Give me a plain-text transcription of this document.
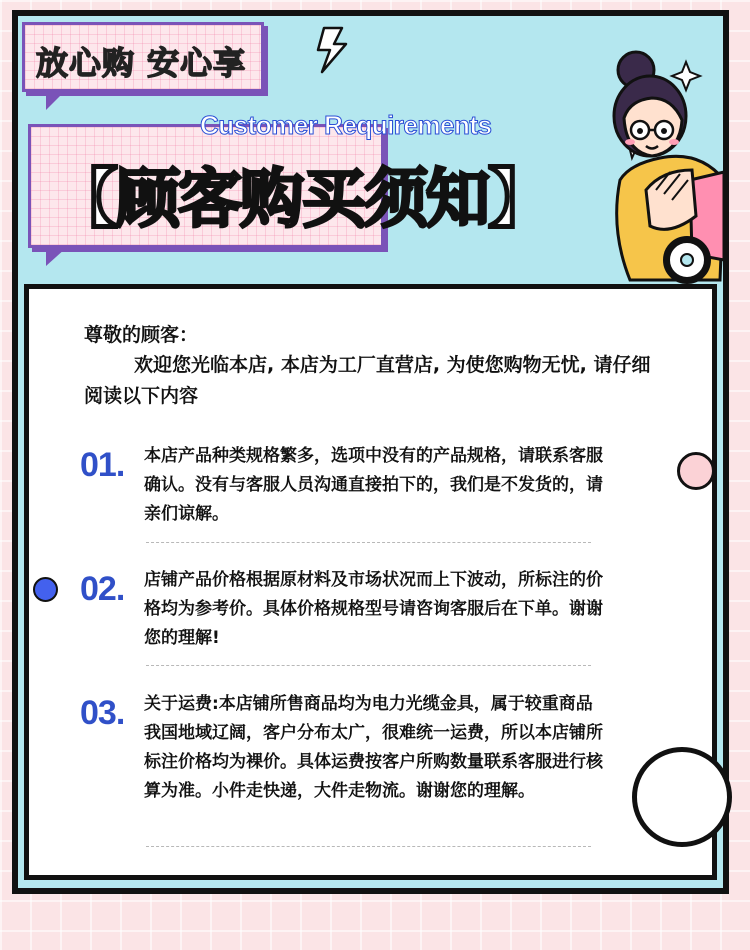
放心购 安心享
Customer Requirements
【顾客购买须知】
尊敬的顾客：

欢迎您光临本店, 本店为工厂直营店, 为使您购物无忧, 请仔细阅读以下内容

01. 本店产品种类规格繁多，选项中没有的产品规格，请联系客服确认。没有与客服人员沟通直接拍下的，我们是不发货的，请亲们谅解。

02. 店铺产品价格根据原材料及市场状况而上下波动，所标注的价格均为参考价。具体价格规格型号请咨询客服后在下单。谢谢您的理解!

03. 关于运费:本店铺所售商品均为电力光缆金具，属于较重商品我国地域辽阔，客户分布太广，很难统一运费，所以本店铺所标注价格均为裸价。具体运费按客户所购数量联系客服进行核算为准。小件走快递，大件走物流。谢谢您的理解。
